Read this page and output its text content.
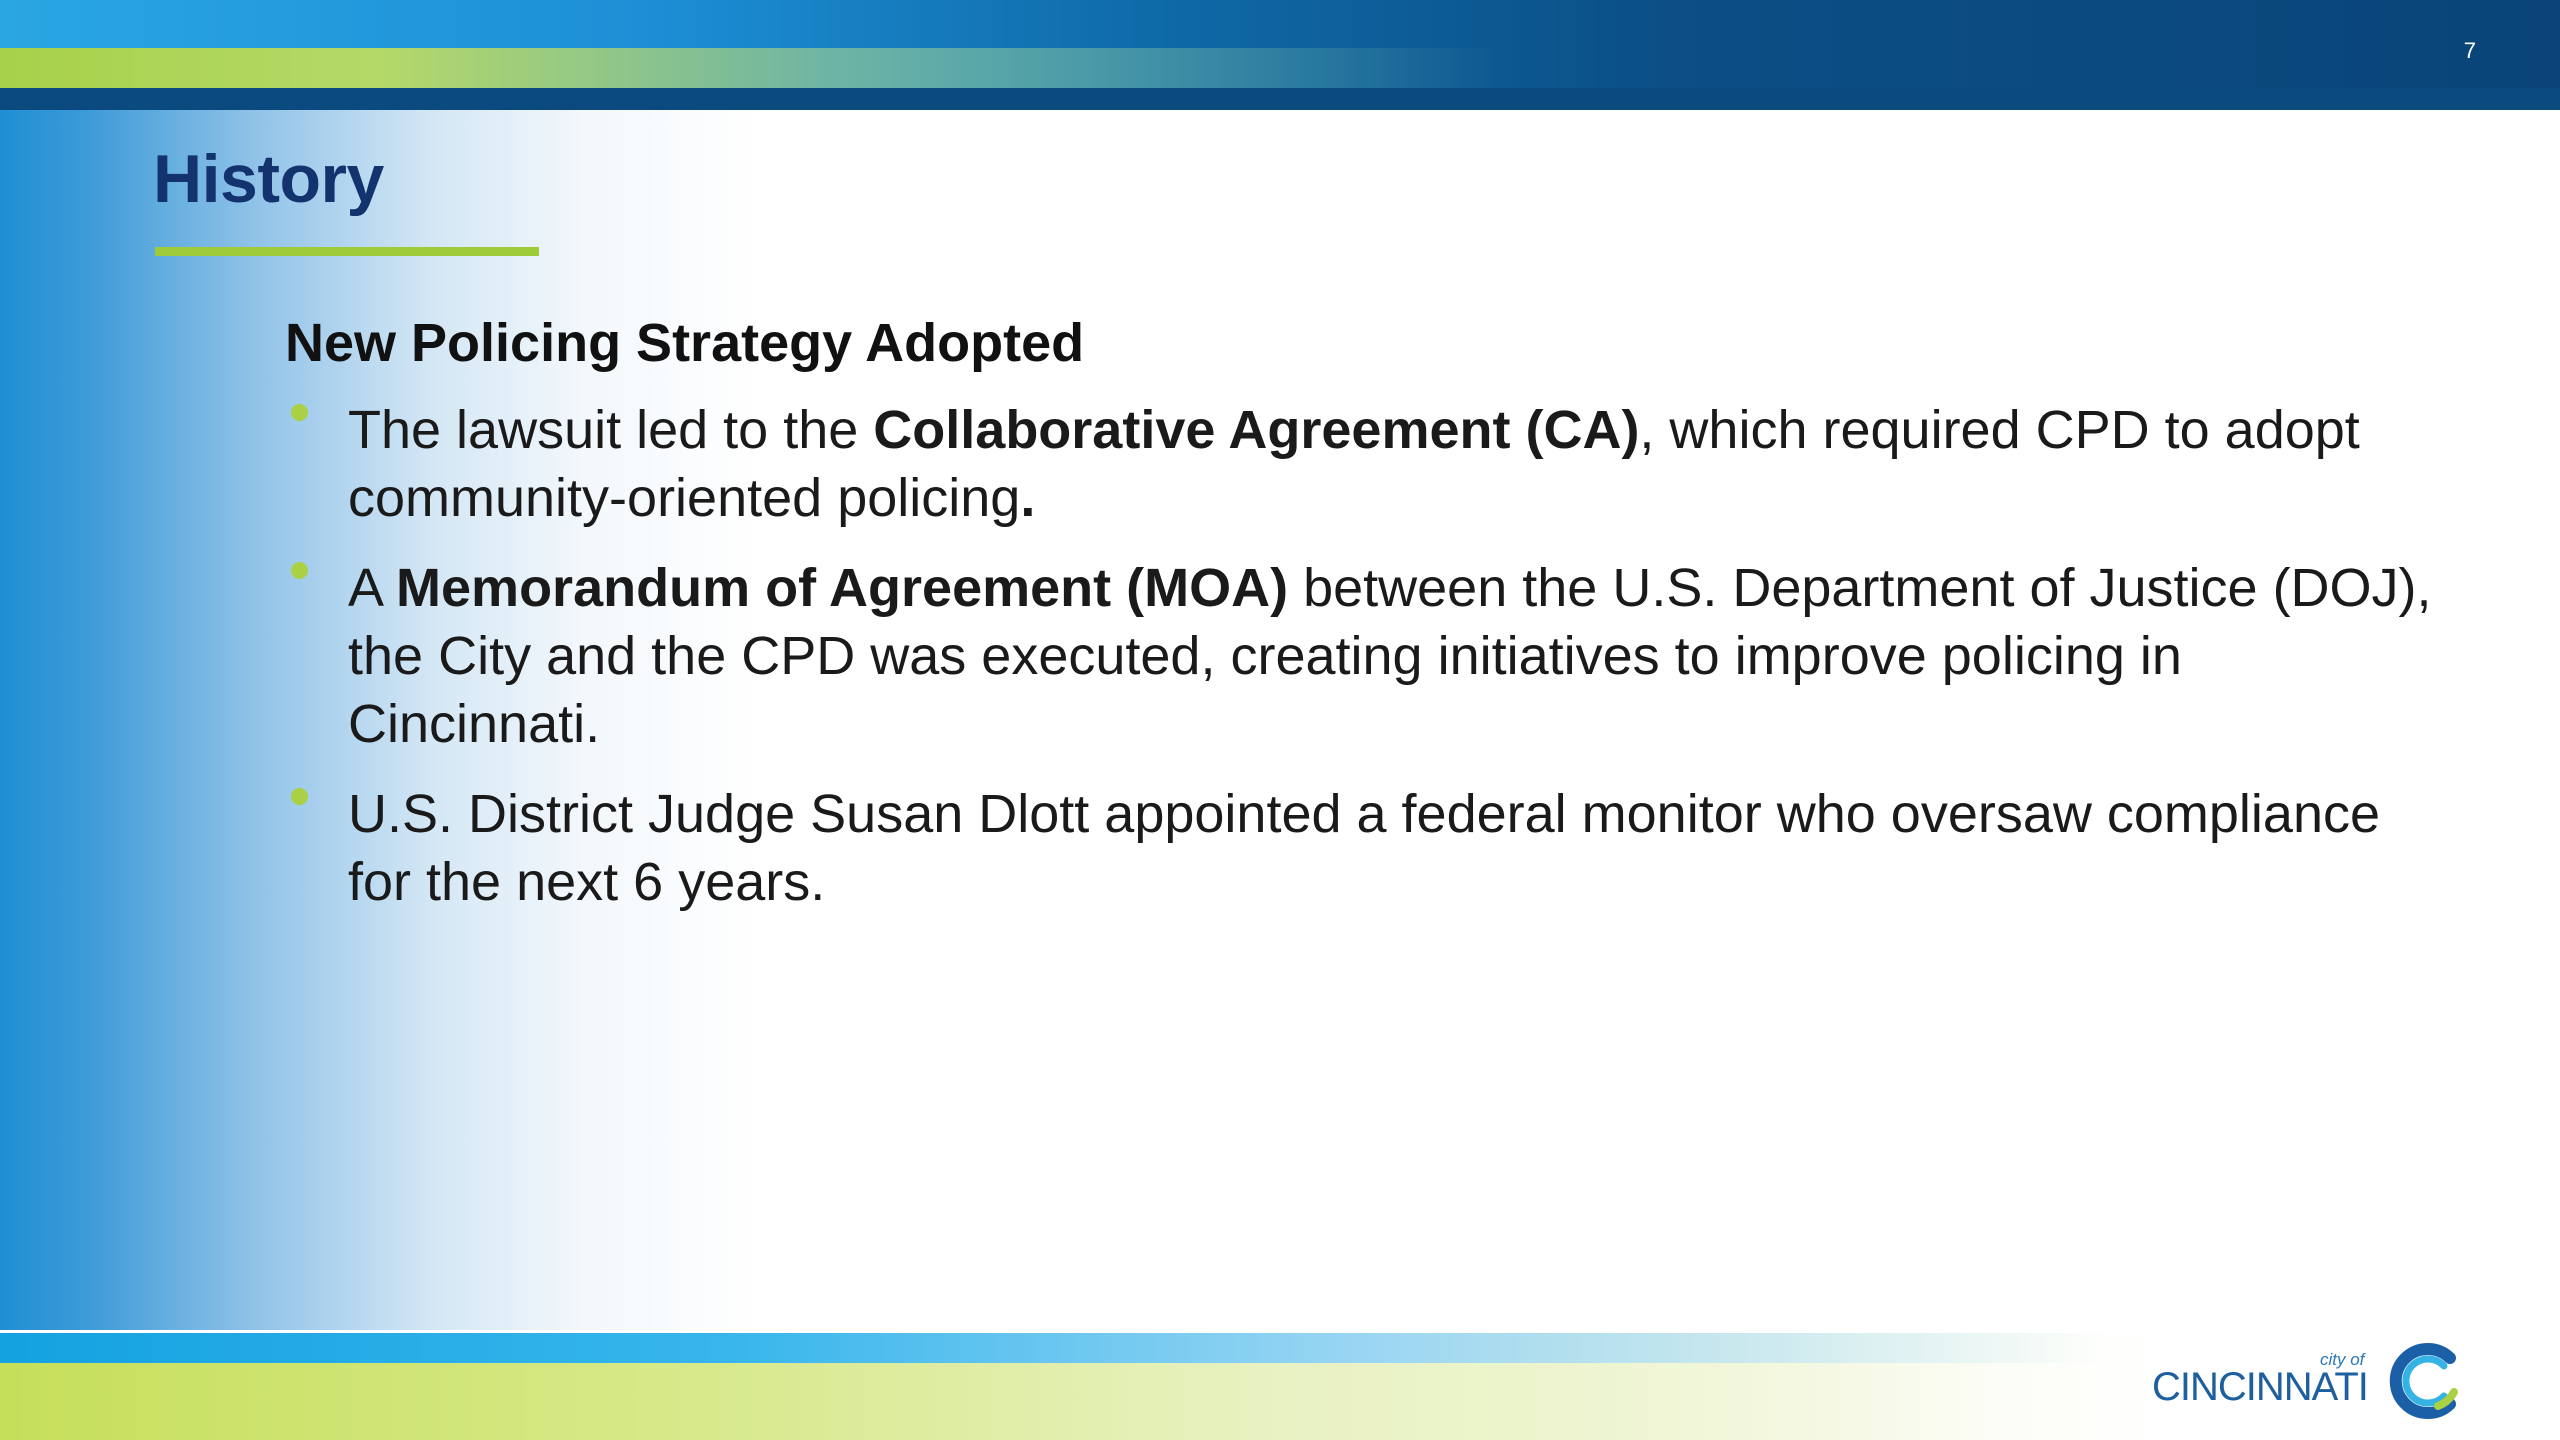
7
History

New Policing Strategy Adopted

The lawsuit led to the Collaborative Agreement (CA), which required CPD to adopt community-oriented policing.
A Memorandum of Agreement (MOA) between the U.S. Department of Justice (DOJ), the City and the CPD was executed, creating initiatives to improve policing in Cincinnati.
U.S. District Judge Susan Dlott appointed a federal monitor who oversaw compliance for the next 6 years.
city of
CINCINNATI
